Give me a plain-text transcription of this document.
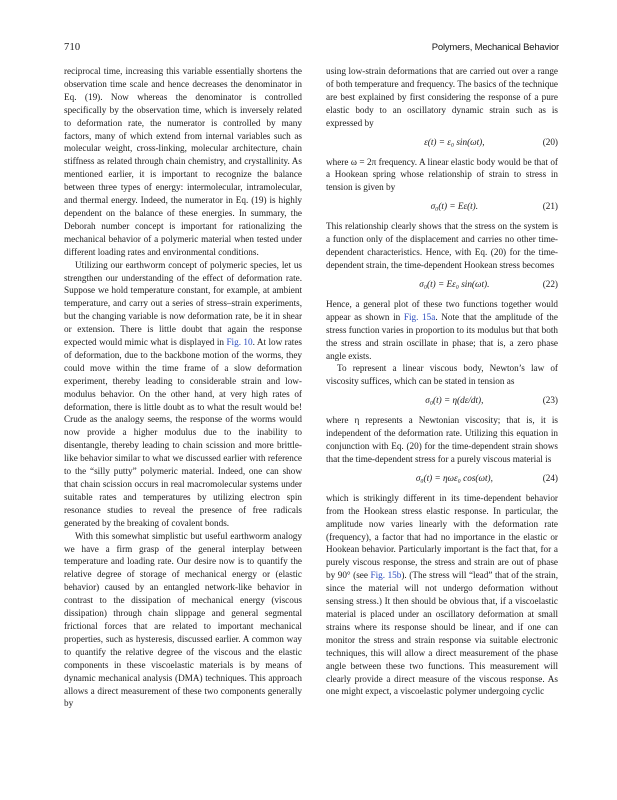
710	Polymers, Mechanical Behavior

reciprocal time, increasing this variable essentially shortens the observation time scale and hence decreases the denominator in Eq. (19). Now whereas the denominator is controlled specifically by the observation time, which is inversely related to deformation rate, the numerator is controlled by many factors, many of which extend from internal variables such as molecular weight, cross-linking, molecular architecture, chain stiffness as related through chain chemistry, and crystallinity. As mentioned earlier, it is important to recognize the balance between three types of energy: intermolecular, intramolecular, and thermal energy. Indeed, the numerator in Eq. (19) is highly dependent on the balance of these energies. In summary, the Deborah number concept is important for rationalizing the mechanical behavior of a polymeric material when tested under different loading rates and environmental conditions.

Utilizing our earthworm concept of polymeric species, let us strengthen our understanding of the effect of deformation rate. Suppose we hold temperature constant, for example, at ambient temperature, and carry out a series of stress–strain experiments, but the changing variable is now deformation rate, be it in shear or extension. There is little doubt that again the response expected would mimic what is displayed in Fig. 10. At low rates of deformation, due to the backbone motion of the worms, they could move within the time frame of a slow deformation experiment, thereby leading to considerable strain and low-modulus behavior. On the other hand, at very high rates of deformation, there is little doubt as to what the result would be! Crude as the analogy seems, the response of the worms would now provide a higher modulus due to the inability to disentangle, thereby leading to chain scission and more brittle-like behavior similar to what we discussed earlier with reference to the “silly putty” polymeric material. Indeed, one can show that chain scission occurs in real macromolecular systems under suitable rates and temperatures by utilizing electron spin resonance studies to reveal the presence of free radicals generated by the breaking of covalent bonds.

With this somewhat simplistic but useful earthworm analogy we have a firm grasp of the general interplay between temperature and loading rate. Our desire now is to quantify the relative degree of storage of mechanical energy or (elastic behavior) caused by an entangled network-like behavior in contrast to the dissipation of mechanical energy (viscous dissipation) through chain slippage and general segmental frictional forces that are related to important mechanical properties, such as hysteresis, discussed earlier. A common way to quantify the relative degree of the viscous and the elastic components in these viscoelastic materials is by means of dynamic mechanical analysis (DMA) techniques. This approach allows a direct measurement of these two components generally by

using low-strain deformations that are carried out over a range of both temperature and frequency. The basics of the technique are best explained by first considering the response of a pure elastic body to an oscillatory dynamic strain such as is expressed by

ε(t) = ε₀ sin(ωt),	(20)

where ω = 2π frequency. A linear elastic body would be that of a Hookean spring whose relationship of strain to stress in tension is given by

σ₀(t) = Eε(t).	(21)

This relationship clearly shows that the stress on the system is a function only of the displacement and carries no other time-dependent characteristics. Hence, with Eq. (20) for the time-dependent strain, the time-dependent Hookean stress becomes

σ₀(t) = Eε₀ sin(ωt).	(22)

Hence, a general plot of these two functions together would appear as shown in Fig. 15a. Note that the amplitude of the stress function varies in proportion to its modulus but that both the stress and strain oscillate in phase; that is, a zero phase angle exists.

To represent a linear viscous body, Newton’s law of viscosity suffices, which can be stated in tension as

σ₀(t) = η(dε/dt),	(23)

where η represents a Newtonian viscosity; that is, it is independent of the deformation rate. Utilizing this equation in conjunction with Eq. (20) for the time-dependent strain shows that the time-dependent stress for a purely viscous material is

σ₀(t) = ηωε₀ cos(ωt),	(24)

which is strikingly different in its time-dependent behavior from the Hookean stress elastic response. In particular, the amplitude now varies linearly with the deformation rate (frequency), a factor that had no importance in the elastic or Hookean behavior. Particularly important is the fact that, for a purely viscous response, the stress and strain are out of phase by 90° (see Fig. 15b). (The stress will “lead” that of the strain, since the material will not undergo deformation without sensing stress.) It then should be obvious that, if a viscoelastic material is placed under an oscillatory deformation at small strains where its response should be linear, and if one can monitor the stress and strain response via suitable electronic techniques, this will allow a direct measurement of the phase angle between these two functions. This measurement will clearly provide a direct measure of the viscous response. As one might expect, a viscoelastic polymer undergoing cyclic
